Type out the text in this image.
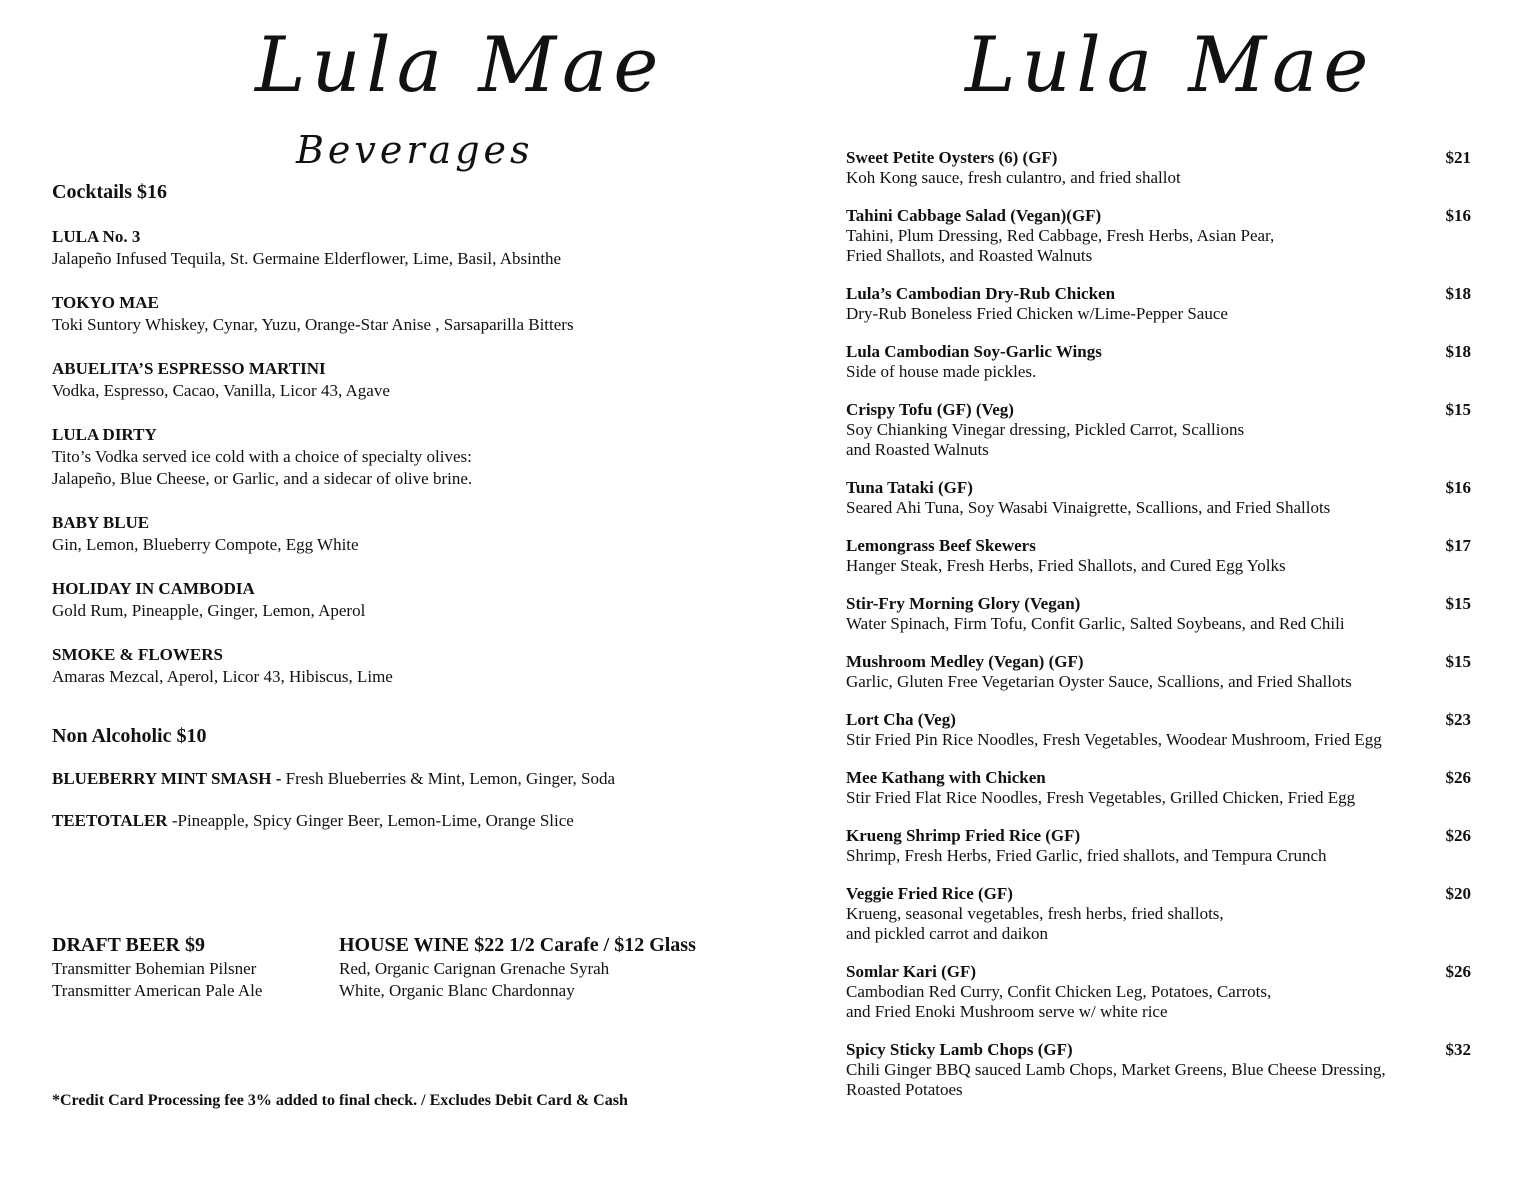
Lula Mae	Lula Mae
Beverages
Cocktails $16
LULA No. 3
Jalapeño Infused Tequila, St. Germaine Elderflower, Lime, Basil, Absinthe
TOKYO MAE
Toki Suntory Whiskey, Cynar, Yuzu, Orange-Star Anise , Sarsaparilla Bitters
ABUELITA’S ESPRESSO MARTINI
Vodka, Espresso, Cacao, Vanilla, Licor 43, Agave
LULA DIRTY
Tito’s Vodka served ice cold with a choice of specialty olives:
Jalapeño, Blue Cheese, or Garlic, and a sidecar of olive brine.
BABY BLUE
Gin, Lemon, Blueberry Compote, Egg White
HOLIDAY IN CAMBODIA
Gold Rum, Pineapple, Ginger, Lemon, Aperol
SMOKE & FLOWERS
Amaras Mezcal, Aperol, Licor 43, Hibiscus, Lime
Non Alcoholic $10
BLUEBERRY MINT SMASH - Fresh Blueberries & Mint, Lemon, Ginger, Soda
TEETOTALER -Pineapple, Spicy Ginger Beer, Lemon-Lime, Orange Slice
DRAFT BEER $9
Transmitter Bohemian Pilsner
Transmitter American Pale Ale
HOUSE WINE $22 1/2 Carafe / $12 Glass
Red, Organic Carignan Grenache Syrah
White, Organic Blanc Chardonnay
*Credit Card Processing fee 3% added to final check. / Excludes Debit Card & Cash
Sweet Petite Oysters (6) (GF)	$21
Koh Kong sauce, fresh culantro, and fried shallot
Tahini Cabbage Salad (Vegan)(GF)	$16
Tahini, Plum Dressing, Red Cabbage, Fresh Herbs, Asian Pear,
Fried Shallots, and Roasted Walnuts
Lula’s Cambodian Dry-Rub Chicken	$18
Dry-Rub Boneless Fried Chicken w/Lime-Pepper Sauce
Lula Cambodian Soy-Garlic Wings	$18
Side of house made pickles.
Crispy Tofu (GF) (Veg)	$15
Soy Chianking Vinegar dressing, Pickled Carrot, Scallions
and Roasted Walnuts
Tuna Tataki (GF)	$16
Seared Ahi Tuna, Soy Wasabi Vinaigrette, Scallions, and Fried Shallots
Lemongrass Beef Skewers	$17
Hanger Steak, Fresh Herbs, Fried Shallots, and Cured Egg Yolks
Stir-Fry Morning Glory (Vegan)	$15
Water Spinach, Firm Tofu, Confit Garlic, Salted Soybeans, and Red Chili
Mushroom Medley (Vegan) (GF)	$15
Garlic, Gluten Free Vegetarian Oyster Sauce, Scallions, and Fried Shallots
Lort Cha (Veg)	$23
Stir Fried Pin Rice Noodles, Fresh Vegetables, Woodear Mushroom, Fried Egg
Mee Kathang with Chicken	$26
Stir Fried Flat Rice Noodles, Fresh Vegetables, Grilled Chicken, Fried Egg
Krueng Shrimp Fried Rice (GF)	$26
Shrimp, Fresh Herbs, Fried Garlic, fried shallots, and Tempura Crunch
Veggie Fried Rice (GF)	$20
Krueng, seasonal vegetables, fresh herbs, fried shallots,
and pickled carrot and daikon
Somlar Kari (GF)	$26
Cambodian Red Curry, Confit Chicken Leg, Potatoes, Carrots,
and Fried Enoki Mushroom serve w/ white rice
Spicy Sticky Lamb Chops (GF)	$32
Chili Ginger BBQ sauced Lamb Chops, Market Greens, Blue Cheese Dressing,
Roasted Potatoes
